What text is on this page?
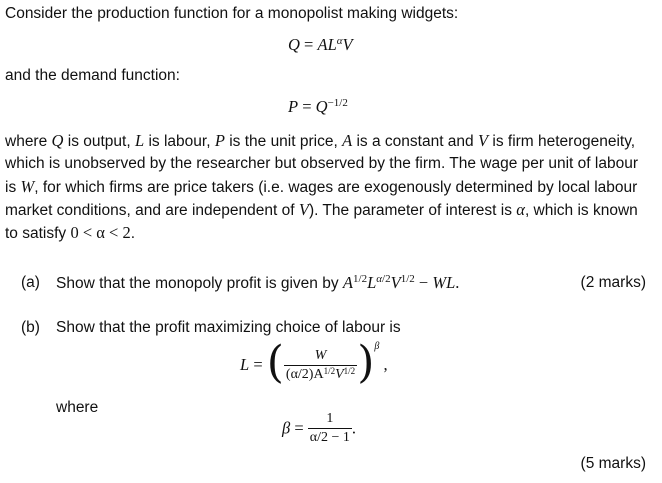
Consider the production function for a monopolist making widgets:
$Q = AL^\alpha V$
and the demand function:
$P = Q^{-1/2}$
where Q is output, L is labour, P is the unit price, A is a constant and V is firm heterogeneity,
which is unobserved by the researcher but observed by the firm. The wage per unit of labour
is W, for which firms are price takers (i.e. wages are exogenously determined by local labour
market conditions, and are independent of V). The parameter of interest is α, which is known
to satisfy 0 < α < 2.
(a) Show that the monopoly profit is given by $A^{1/2}L^{\alpha/2}V^{1/2}$ − WL.	(2 marks)
(b) Show that the profit maximizing choice of labour is
L = ( $\frac{W}{(\alpha/2)A^{1/2}V^{1/2}} )^\beta$ ,
where
$\beta = \frac{1}{\alpha/2 - 1}$ .
(5 marks)
